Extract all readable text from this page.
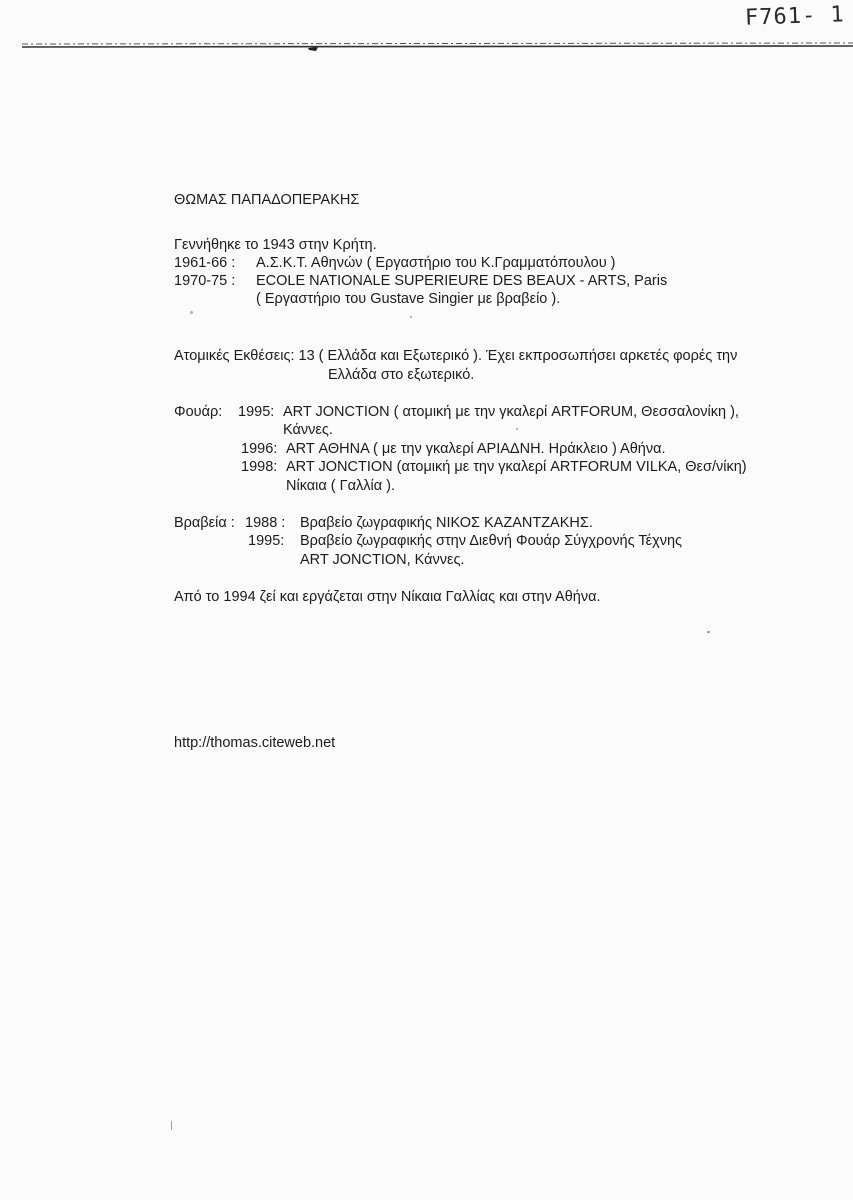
F761- 1
ΘΩΜΑΣ ΠΑΠΑΔΟΠΕΡΑΚΗΣ
Γεννήθηκε το 1943 στην Κρήτη.
1961-66 : Α.Σ.Κ.Τ. Αθηνών ( Εργαστήριο του Κ.Γραμματόπουλου )
1970-75 : ECOLE NATIONALE SUPERIEURE DES BEAUX - ARTS, Paris
( Εργαστήριο του Gustave Singier με βραβείο ).
Ατομικές Εκθέσεις: 13 ( Ελλάδα και Εξωτερικό ). Έχει εκπροσωπήσει αρκετές φορές την
Ελλάδα στο εξωτερικό.
Φουάρ: 1995: ART JONCTION ( ατομική με την γκαλερί ARTFORUM, Θεσσαλονίκη ),
Κάννες.
1996: ART ΑΘΗΝΑ ( με την γκαλερί ΑΡΙΑΔΝΗ. Ηράκλειο ) Αθήνα.
1998: ART JONCTION (ατομική με την γκαλερί ARTFORUM VILKA, Θεσ/νίκη)
Νίκαια ( Γαλλία ).
Βραβεία : 1988 : Βραβείο ζωγραφικής ΝΙΚΟΣ ΚΑΖΑΝΤΖΑΚΗΣ.
1995: Βραβείο ζωγραφικής στην Διεθνή Φουάρ Σύγχρονής Τέχνης
ART JONCTION, Κάννες.
Από το 1994 ζεί και εργάζεται στην Νίκαια Γαλλίας και στην Αθήνα.
http://thomas.citeweb.net
